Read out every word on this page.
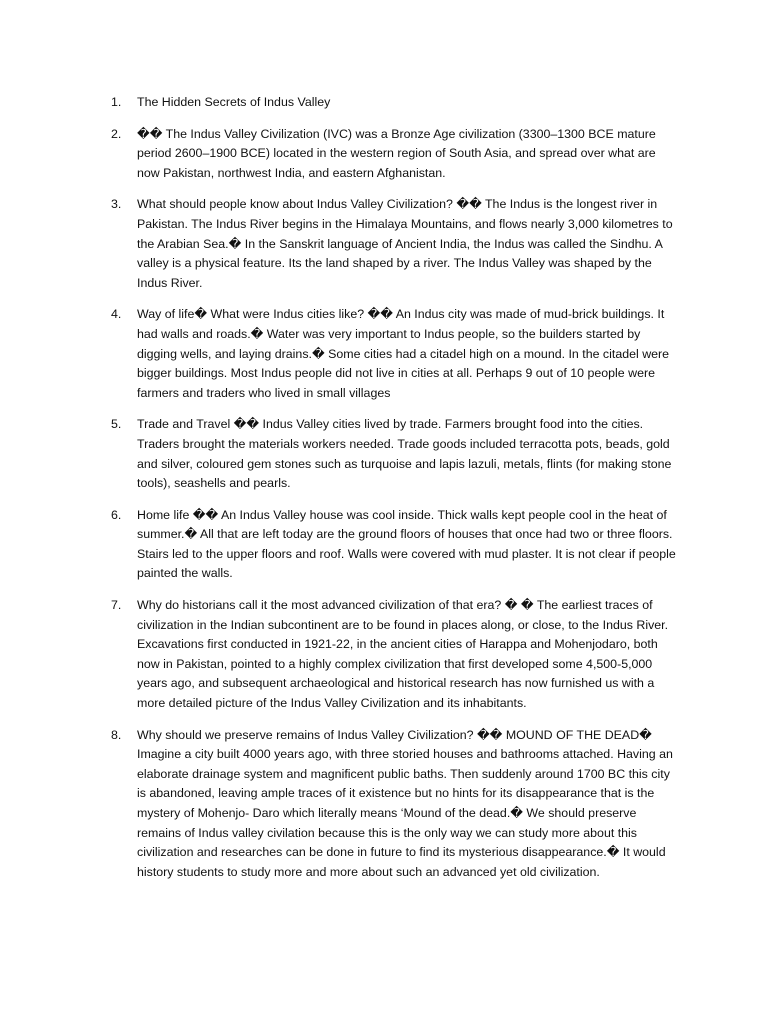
1.	The Hidden Secrets of Indus Valley
2.	�� The Indus Valley Civilization (IVC) was a Bronze Age civilization (3300–1300 BCE mature period 2600–1900 BCE) located in the western region of South Asia, and spread over what are now Pakistan, northwest India, and eastern Afghanistan.
3.	What should people know about Indus Valley Civilization? �� The Indus is the longest river in Pakistan. The Indus River begins in the Himalaya Mountains, and flows nearly 3,000 kilometres to the Arabian Sea.� In the Sanskrit language of Ancient India, the Indus was called the Sindhu. A valley is a physical feature. Its the land shaped by a river. The Indus Valley was shaped by the Indus River.
4.	Way of life� What were Indus cities like? �� An Indus city was made of mud-brick buildings. It had walls and roads.� Water was very important to Indus people, so the builders started by digging wells, and laying drains.� Some cities had a citadel high on a mound. In the citadel were bigger buildings. Most Indus people did not live in cities at all. Perhaps 9 out of 10 people were farmers and traders who lived in small villages
5.	Trade and Travel �� Indus Valley cities lived by trade. Farmers brought food into the cities. Traders brought the materials workers needed. Trade goods included terracotta pots, beads, gold and silver, coloured gem stones such as turquoise and lapis lazuli, metals, flints (for making stone tools), seashells and pearls.
6.	Home life �� An Indus Valley house was cool inside. Thick walls kept people cool in the heat of summer.� All that are left today are the ground floors of houses that once had two or three floors. Stairs led to the upper floors and roof. Walls were covered with mud plaster. It is not clear if people painted the walls.
7.	Why do historians call it the most advanced civilization of that era? � � The earliest traces of civilization in the Indian subcontinent are to be found in places along, or close, to the Indus River. Excavations first conducted in 1921-22, in the ancient cities of Harappa and Mohenjodaro, both now in Pakistan, pointed to a highly complex civilization that first developed some 4,500-5,000 years ago, and subsequent archaeological and historical research has now furnished us with a more detailed picture of the Indus Valley Civilization and its inhabitants.
8.	Why should we preserve remains of Indus Valley Civilization? �� MOUND OF THE DEAD� Imagine a city built 4000 years ago, with three storied houses and bathrooms attached. Having an elaborate drainage system and magnificent public baths. Then suddenly around 1700 BC this city is abandoned, leaving ample traces of it existence but no hints for its disappearance that is the mystery of Mohenjo- Daro which literally means ‘Mound of the dead.� We should preserve remains of Indus valley civilation because this is the only way we can study more about this civilization and researches can be done in future to find its mysterious disappearance.� It would history students to study more and more about such an advanced yet old civilization.
